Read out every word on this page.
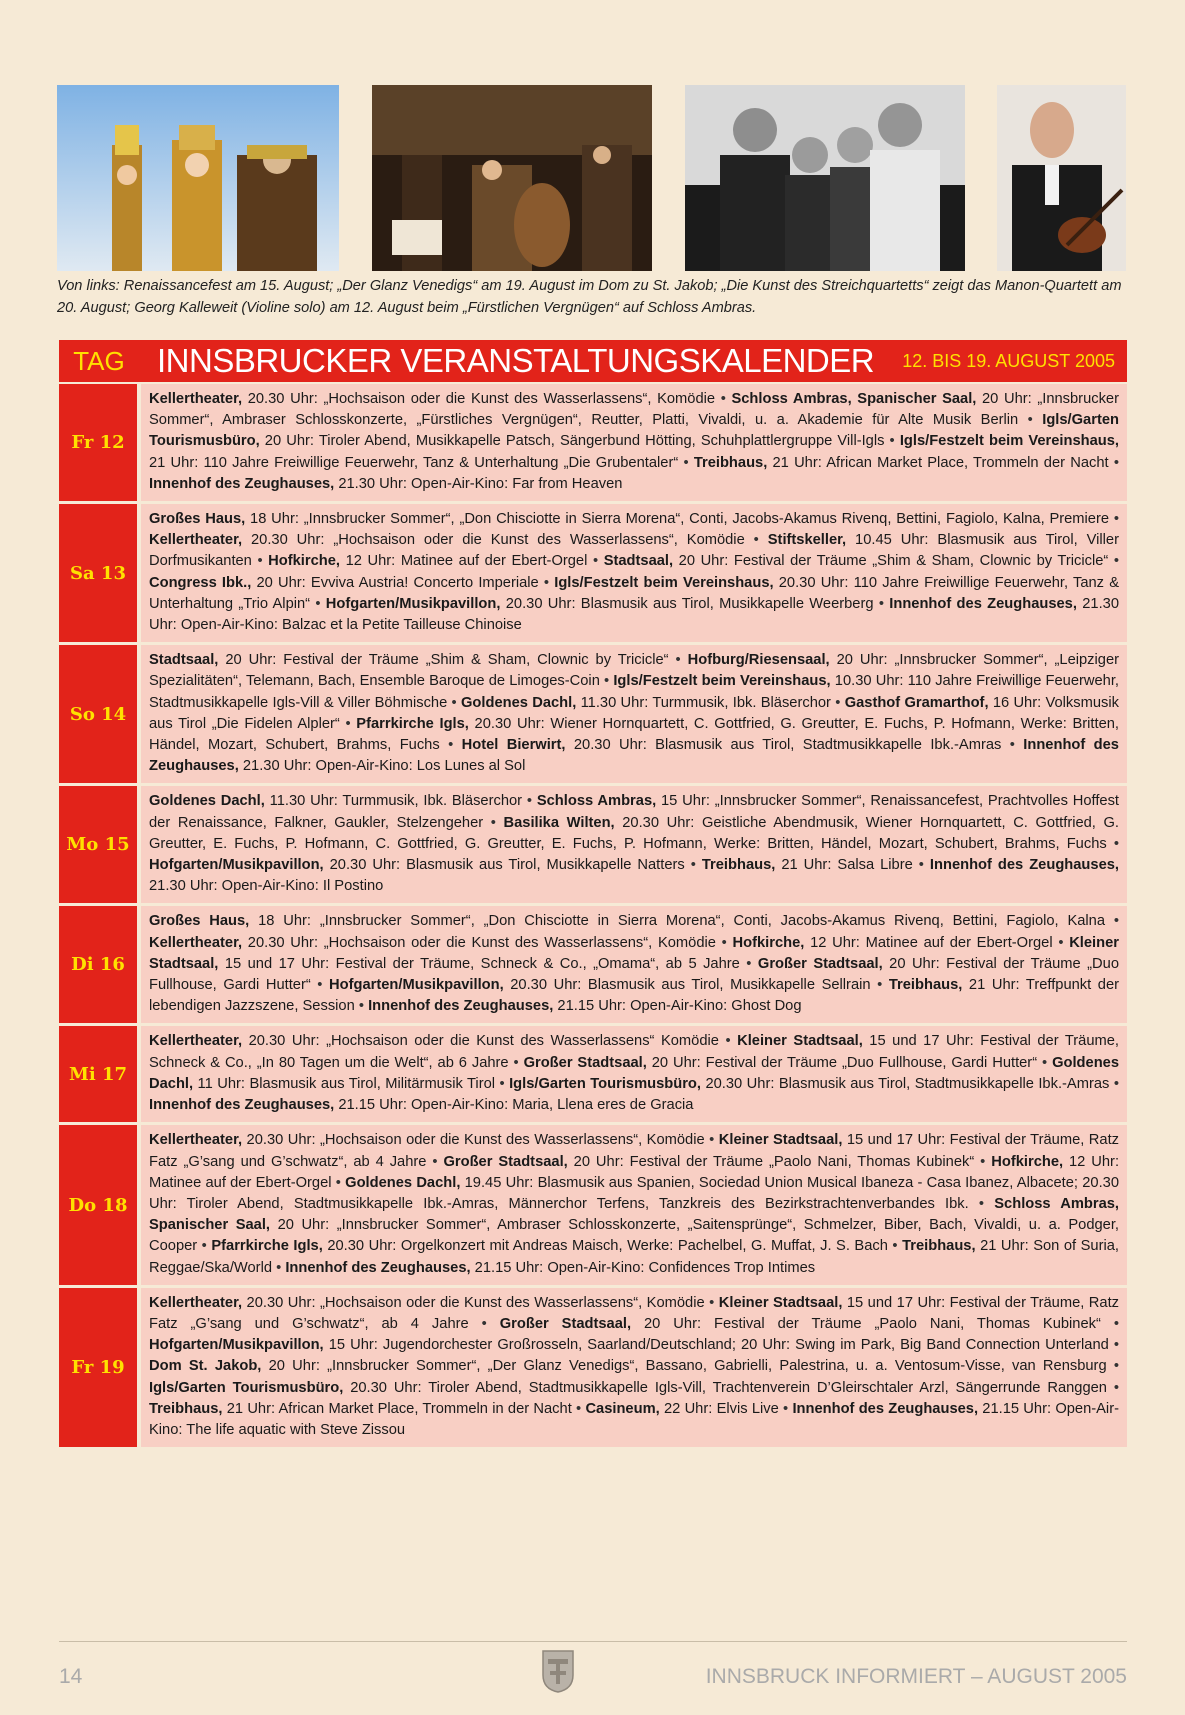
Von links: Renaissancefest am 15. August; „Der Glanz Venedigs“ am 19. August im Dom zu St. Jakob; „Die Kunst des Streichquartetts“ zeigt das Manon-Quartett am 20. August; Georg Kalleweit (Violine solo) am 12. August beim „Fürstlichen Vergnügen“ auf Schloss Ambras.
TAG INNSBRUCKER VERANSTALTUNGSKALENDER 12. BIS 19. AUGUST 2005
Fr 12
Kellertheater, 20.30 Uhr: „Hochsaison oder die Kunst des Wasserlassens“, Komödie • Schloss Ambras, Spanischer Saal, 20 Uhr: „Innsbrucker Sommer“, Ambraser Schlosskonzerte, „Fürstliches Vergnügen“, Reutter, Platti, Vivaldi, u. a. Akademie für Alte Musik Berlin • Igls/Garten Tourismusbüro, 20 Uhr: Tiroler Abend, Musikkapelle Patsch, Sängerbund Hötting, Schuhplattlergruppe Vill-Igls • Igls/Festzelt beim Vereinshaus, 21 Uhr: 110 Jahre Freiwillige Feuerwehr, Tanz & Unterhaltung „Die Grubentaler“ • Treibhaus, 21 Uhr: African Market Place, Trommeln der Nacht • Innenhof des Zeughauses, 21.30 Uhr: Open-Air-Kino: Far from Heaven
Sa 13
Großes Haus, 18 Uhr: „Innsbrucker Sommer“, „Don Chisciotte in Sierra Morena“, Conti, Jacobs-Akamus Rivenq, Bettini, Fagiolo, Kalna, Premiere • Kellertheater, 20.30 Uhr: „Hochsaison oder die Kunst des Wasserlassens“, Komödie • Stiftskeller, 10.45 Uhr: Blasmusik aus Tirol, Viller Dorfmusikanten • Hofkirche, 12 Uhr: Matinee auf der Ebert-Orgel • Stadtsaal, 20 Uhr: Festival der Träume „Shim & Sham, Clownic by Tricicle“ • Congress Ibk., 20 Uhr: Evviva Austria! Concerto Imperiale • Igls/Festzelt beim Vereinshaus, 20.30 Uhr: 110 Jahre Freiwillige Feuerwehr, Tanz & Unterhaltung „Trio Alpin“ • Hofgarten/Musikpavillon, 20.30 Uhr: Blasmusik aus Tirol, Musikkapelle Weerberg • Innenhof des Zeughauses, 21.30 Uhr: Open-Air-Kino: Balzac et la Petite Tailleuse Chinoise
So 14
Stadtsaal, 20 Uhr: Festival der Träume „Shim & Sham, Clownic by Tricicle“ • Hofburg/Riesensaal, 20 Uhr: „Innsbrucker Sommer“, „Leipziger Spezialitäten“, Telemann, Bach, Ensemble Baroque de Limoges-Coin • Igls/Festzelt beim Vereinshaus, 10.30 Uhr: 110 Jahre Freiwillige Feuerwehr, Stadtmusikkapelle Igls-Vill & Viller Böhmische • Goldenes Dachl, 11.30 Uhr: Turmmusik, Ibk. Bläserchor • Gasthof Gramarthof, 16 Uhr: Volksmusik aus Tirol „Die Fidelen Alpler“ • Pfarrkirche Igls, 20.30 Uhr: Wiener Hornquartett, C. Gottfried, G. Greutter, E. Fuchs, P. Hofmann, Werke: Britten, Händel, Mozart, Schubert, Brahms, Fuchs • Hotel Bierwirt, 20.30 Uhr: Blasmusik aus Tirol, Stadtmusikkapelle Ibk.-Amras • Innenhof des Zeughauses, 21.30 Uhr: Open-Air-Kino: Los Lunes al Sol
Mo 15
Goldenes Dachl, 11.30 Uhr: Turmmusik, Ibk. Bläserchor • Schloss Ambras, 15 Uhr: „Innsbrucker Sommer“, Renaissancefest, Prachtvolles Hoffest der Renaissance, Falkner, Gaukler, Stelzengeher • Basilika Wilten, 20.30 Uhr: Geistliche Abendmusik, Wiener Hornquartett, C. Gottfried, G. Greutter, E. Fuchs, P. Hofmann, C. Gottfried, G. Greutter, E. Fuchs, P. Hofmann, Werke: Britten, Händel, Mozart, Schubert, Brahms, Fuchs • Hofgarten/Musikpavillon, 20.30 Uhr: Blasmusik aus Tirol, Musikkapelle Natters • Treibhaus, 21 Uhr: Salsa Libre • Innenhof des Zeughauses, 21.30 Uhr: Open-Air-Kino: Il Postino
Di 16
Großes Haus, 18 Uhr: „Innsbrucker Sommer“, „Don Chisciotte in Sierra Morena“, Conti, Jacobs-Akamus Rivenq, Bettini, Fagiolo, Kalna • Kellertheater, 20.30 Uhr: „Hochsaison oder die Kunst des Wasserlassens“, Komödie • Hofkirche, 12 Uhr: Matinee auf der Ebert-Orgel • Kleiner Stadtsaal, 15 und 17 Uhr: Festival der Träume, Schneck & Co., „Omama“, ab 5 Jahre • Großer Stadtsaal, 20 Uhr: Festival der Träume „Duo Fullhouse, Gardi Hutter“ • Hofgarten/Musikpavillon, 20.30 Uhr: Blasmusik aus Tirol, Musikkapelle Sellrain • Treibhaus, 21 Uhr: Treffpunkt der lebendigen Jazzszene, Session • Innenhof des Zeughauses, 21.15 Uhr: Open-Air-Kino: Ghost Dog
Mi 17
Kellertheater, 20.30 Uhr: „Hochsaison oder die Kunst des Wasserlassens“ Komödie • Kleiner Stadtsaal, 15 und 17 Uhr: Festival der Träume, Schneck & Co., „In 80 Tagen um die Welt“, ab 6 Jahre • Großer Stadtsaal, 20 Uhr: Festival der Träume „Duo Fullhouse, Gardi Hutter“ • Goldenes Dachl, 11 Uhr: Blasmusik aus Tirol, Militärmusik Tirol • Igls/Garten Tourismusbüro, 20.30 Uhr: Blasmusik aus Tirol, Stadtmusikkapelle Ibk.-Amras • Innenhof des Zeughauses, 21.15 Uhr: Open-Air-Kino: Maria, Llena eres de Gracia
Do 18
Kellertheater, 20.30 Uhr: „Hochsaison oder die Kunst des Wasserlassens“, Komödie • Kleiner Stadtsaal, 15 und 17 Uhr: Festival der Träume, Ratz Fatz „G’sang und G’schwatz“, ab 4 Jahre • Großer Stadtsaal, 20 Uhr: Festival der Träume „Paolo Nani, Thomas Kubinek“ • Hofkirche, 12 Uhr: Matinee auf der Ebert-Orgel • Goldenes Dachl, 19.45 Uhr: Blasmusik aus Spanien, Sociedad Union Musical Ibaneza - Casa Ibanez, Albacete; 20.30 Uhr: Tiroler Abend, Stadtmusikkapelle Ibk.-Amras, Männerchor Terfens, Tanzkreis des Bezirkstrachtenverbandes Ibk. • Schloss Ambras, Spanischer Saal, 20 Uhr: „Innsbrucker Sommer“, Ambraser Schlosskonzerte, „Saitensprünge“, Schmelzer, Biber, Bach, Vivaldi, u. a. Podger, Cooper • Pfarrkirche Igls, 20.30 Uhr: Orgelkonzert mit Andreas Maisch, Werke: Pachelbel, G. Muffat, J. S. Bach • Treibhaus, 21 Uhr: Son of Suria, Reggae/Ska/World • Innenhof des Zeughauses, 21.15 Uhr: Open-Air-Kino: Confidences Trop Intimes
Fr 19
Kellertheater, 20.30 Uhr: „Hochsaison oder die Kunst des Wasserlassens“, Komödie • Kleiner Stadtsaal, 15 und 17 Uhr: Festival der Träume, Ratz Fatz „G’sang und G’schwatz“, ab 4 Jahre • Großer Stadtsaal, 20 Uhr: Festival der Träume „Paolo Nani, Thomas Kubinek“ • Hofgarten/Musikpavillon, 15 Uhr: Jugendorchester Großrosseln, Saarland/Deutschland; 20 Uhr: Swing im Park, Big Band Connection Unterland • Dom St. Jakob, 20 Uhr: „Innsbrucker Sommer“, „Der Glanz Venedigs“, Bassano, Gabrielli, Palestrina, u. a. Ventosum-Visse, van Rensburg • Igls/Garten Tourismusbüro, 20.30 Uhr: Tiroler Abend, Stadtmusikkapelle Igls-Vill, Trachtenverein D’Gleirschtaler Arzl, Sängerrunde Ranggen • Treibhaus, 21 Uhr: African Market Place, Trommeln in der Nacht • Casineum, 22 Uhr: Elvis Live • Innenhof des Zeughauses, 21.15 Uhr: Open-Air-Kino: The life aquatic with Steve Zissou
14	INNSBRUCK INFORMIERT – AUGUST 2005
